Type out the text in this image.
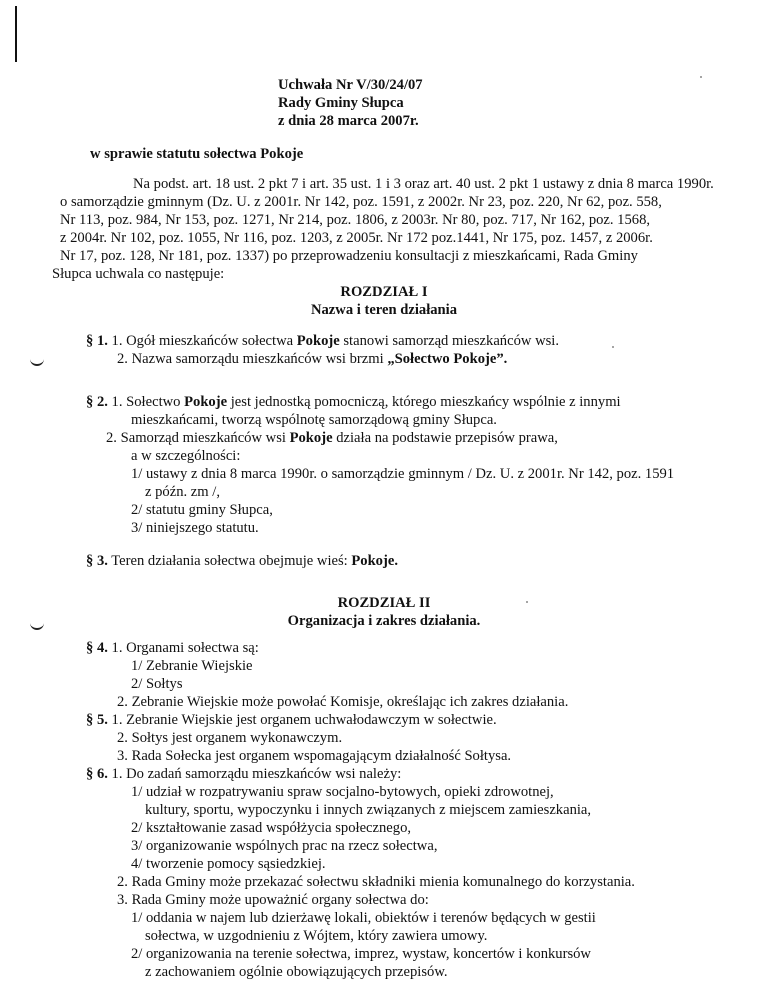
Uchwała Nr V/30/24/07
Rady Gminy Słupca
z dnia 28 marca 2007r.
w sprawie statutu sołectwa Pokoje
Na podst. art. 18 ust. 2 pkt 7 i art. 35 ust. 1 i 3 oraz art. 40 ust. 2 pkt 1 ustawy z dnia 8 marca 1990r.
o samorządzie gminnym (Dz. U. z 2001r. Nr 142, poz. 1591, z 2002r. Nr 23, poz. 220, Nr 62, poz. 558,
Nr 113, poz. 984, Nr 153, poz. 1271, Nr 214, poz. 1806, z 2003r. Nr 80, poz. 717, Nr 162, poz. 1568,
z 2004r. Nr 102, poz. 1055, Nr 116, poz. 1203, z 2005r. Nr 172 poz.1441, Nr 175, poz. 1457, z 2006r.
Nr 17, poz. 128, Nr 181, poz. 1337) po przeprowadzeniu konsultacji z mieszkańcami, Rada Gminy
Słupca uchwala co następuje:
ROZDZIAŁ I
Nazwa i teren działania
§ 1. 1. Ogół mieszkańców sołectwa Pokoje stanowi samorząd mieszkańców wsi.
2. Nazwa samorządu mieszkańców wsi brzmi „Sołectwo Pokoje”.
§ 2. 1. Sołectwo Pokoje jest jednostką pomocniczą, którego mieszkańcy wspólnie z innymi
mieszkańcami, tworzą wspólnotę samorządową gminy Słupca.
2. Samorząd mieszkańców wsi Pokoje działa na podstawie przepisów prawa,
a w szczególności:
1/ ustawy z dnia 8 marca 1990r. o samorządzie gminnym / Dz. U. z 2001r. Nr 142, poz. 1591
z późn. zm /,
2/ statutu gminy Słupca,
3/ niniejszego statutu.
§ 3. Teren działania sołectwa obejmuje wieś: Pokoje.
ROZDZIAŁ II
Organizacja i zakres działania.
§ 4. 1. Organami sołectwa są:
1/ Zebranie Wiejskie
2/ Sołtys
2. Zebranie Wiejskie może powołać Komisje, określając ich zakres działania.
§ 5. 1. Zebranie Wiejskie jest organem uchwałodawczym w sołectwie.
2. Sołtys jest organem wykonawczym.
3. Rada Sołecka jest organem wspomagającym działalność Sołtysa.
§ 6. 1. Do zadań samorządu mieszkańców wsi należy:
1/ udział w rozpatrywaniu spraw socjalno-bytowych, opieki zdrowotnej,
kultury, sportu, wypoczynku i innych związanych z miejscem zamieszkania,
2/ kształtowanie zasad współżycia społecznego,
3/ organizowanie wspólnych prac na rzecz sołectwa,
4/ tworzenie pomocy sąsiedzkiej.
2. Rada Gminy może przekazać sołectwu składniki mienia komunalnego do korzystania.
3. Rada Gminy może upoważnić organy sołectwa do:
1/ oddania w najem lub dzierżawę lokali, obiektów i terenów będących w gestii
sołectwa, w uzgodnieniu z Wójtem, który zawiera umowy.
2/ organizowania na terenie sołectwa, imprez, wystaw, koncertów i konkursów
z zachowaniem ogólnie obowiązujących przepisów.
